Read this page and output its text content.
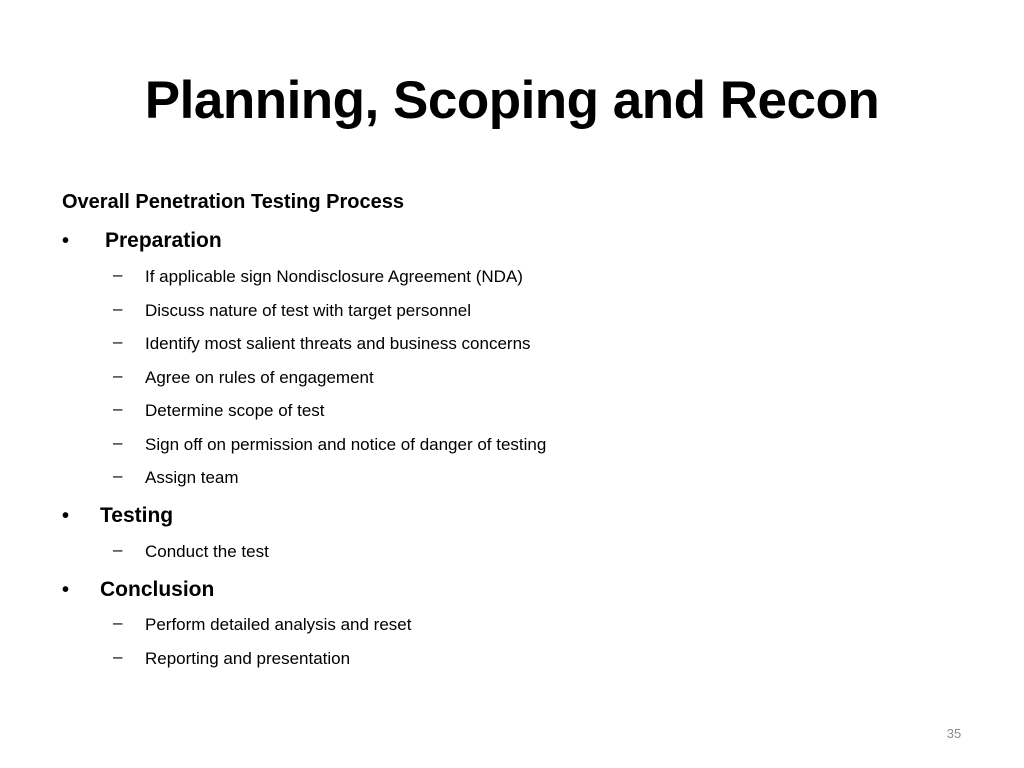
Planning, Scoping and Recon

Overall Penetration Testing Process

• Preparation
– If applicable sign Nondisclosure Agreement (NDA)
– Discuss nature of test with target personnel
– Identify most salient threats and business concerns
– Agree on rules of engagement
– Determine scope of test
– Sign off on permission and notice of danger of testing
– Assign team
• Testing
– Conduct the test
• Conclusion
– Perform detailed analysis and reset
– Reporting and presentation
35
